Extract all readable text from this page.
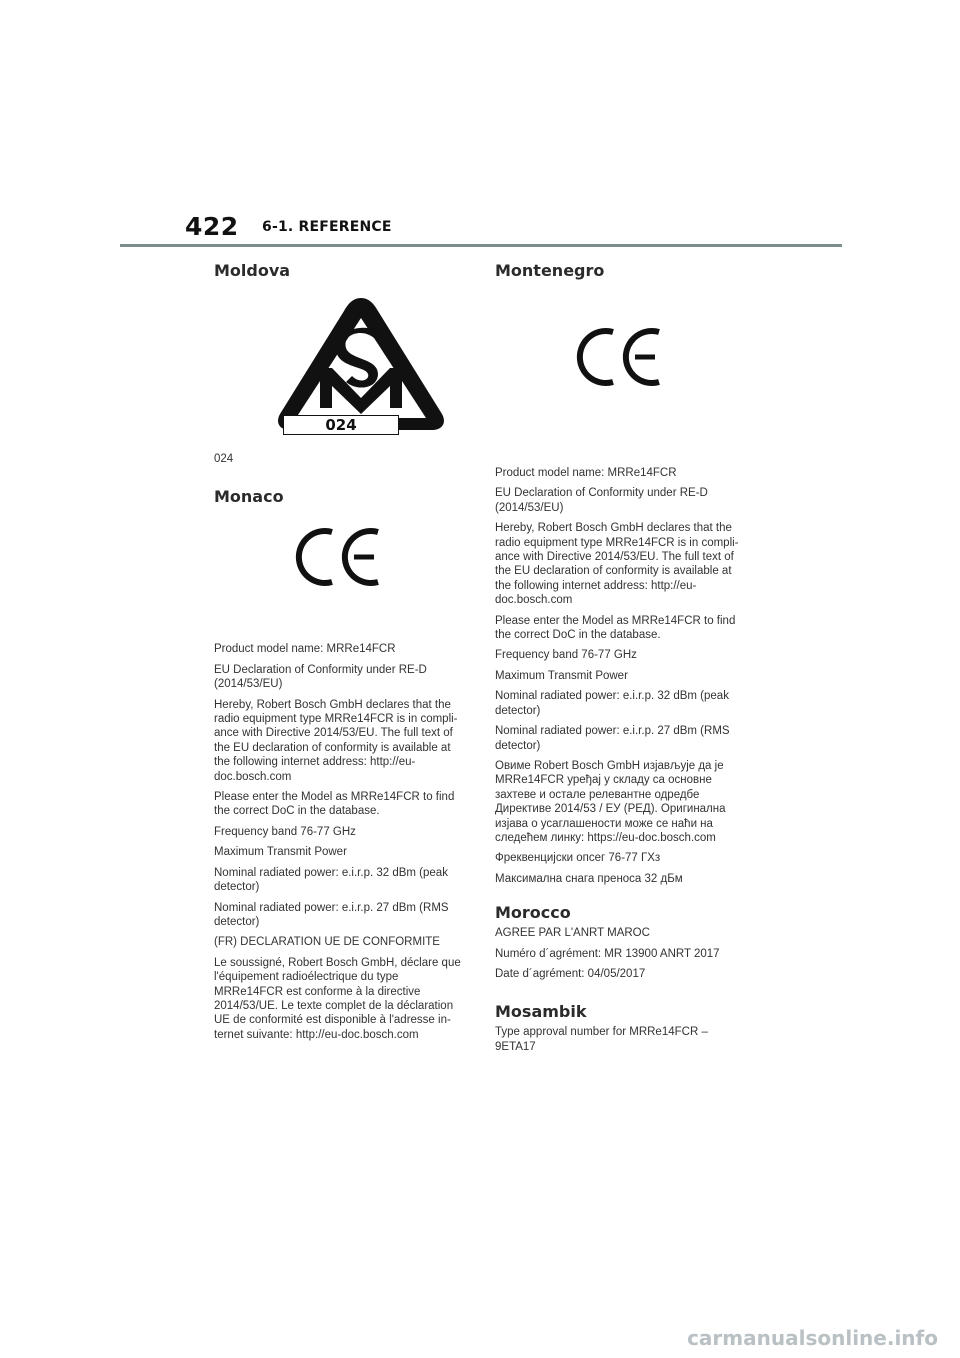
422 6-1. REFERENCE
Moldova
024

024

Monaco

Product model name: MRRe14FCR

EU Declaration of Conformity under RE-D (2014/53/EU)

Hereby, Robert Bosch GmbH declares that the radio equipment type MRRe14FCR is in compli-ance with Directive 2014/53/EU. The full text of the EU declaration of conformity is available at the following internet address: http://eu-doc.bosch.com

Please enter the Model as MRRe14FCR to find the correct DoC in the database.

Frequency band 76-77 GHz

Maximum Transmit Power

Nominal radiated power: e.i.r.p. 32 dBm (peak detector)

Nominal radiated power: e.i.r.p. 27 dBm (RMS detector)

(FR) DECLARATION UE DE CONFORMITE

Le soussigné, Robert Bosch GmbH, déclare que l'équipement radioélectrique du type MRRe14FCR est conforme à la directive 2014/53/UE. Le texte complet de la déclaration UE de conformité est disponible à l'adresse in-ternet suivante: http://eu-doc.bosch.com

Montenegro

Product model name: MRRe14FCR

EU Declaration of Conformity under RE-D (2014/53/EU)

Hereby, Robert Bosch GmbH declares that the radio equipment type MRRe14FCR is in compli-ance with Directive 2014/53/EU. The full text of the EU declaration of conformity is available at the following internet address: http://eu-doc.bosch.com

Please enter the Model as MRRe14FCR to find the correct DoC in the database.

Frequency band 76-77 GHz

Maximum Transmit Power

Nominal radiated power: e.i.r.p. 32 dBm (peak detector)

Nominal radiated power: e.i.r.p. 27 dBm (RMS detector)

Овиме Robert Bosch GmbH изјављује да је MRRe14FCR уређај у складу са основне захтеве и остале релевантне одредбе Директиве 2014/53 / ЕУ (РЕД). Оригинална изјава о усаглашености може се наћи на следећем линку: https://eu-doc.bosch.com

Фреквенцијски опсег 76-77 ГХз

Максимална снага преноса 32 дБм

Morocco

AGREE PAR L'ANRT MAROC

Numéro d´agrément: MR 13900 ANRT 2017

Date d´agrément: 04/05/2017

Mosambik

Type approval number for MRRe14FCR – 9ETA17

carmanualsonline.info
